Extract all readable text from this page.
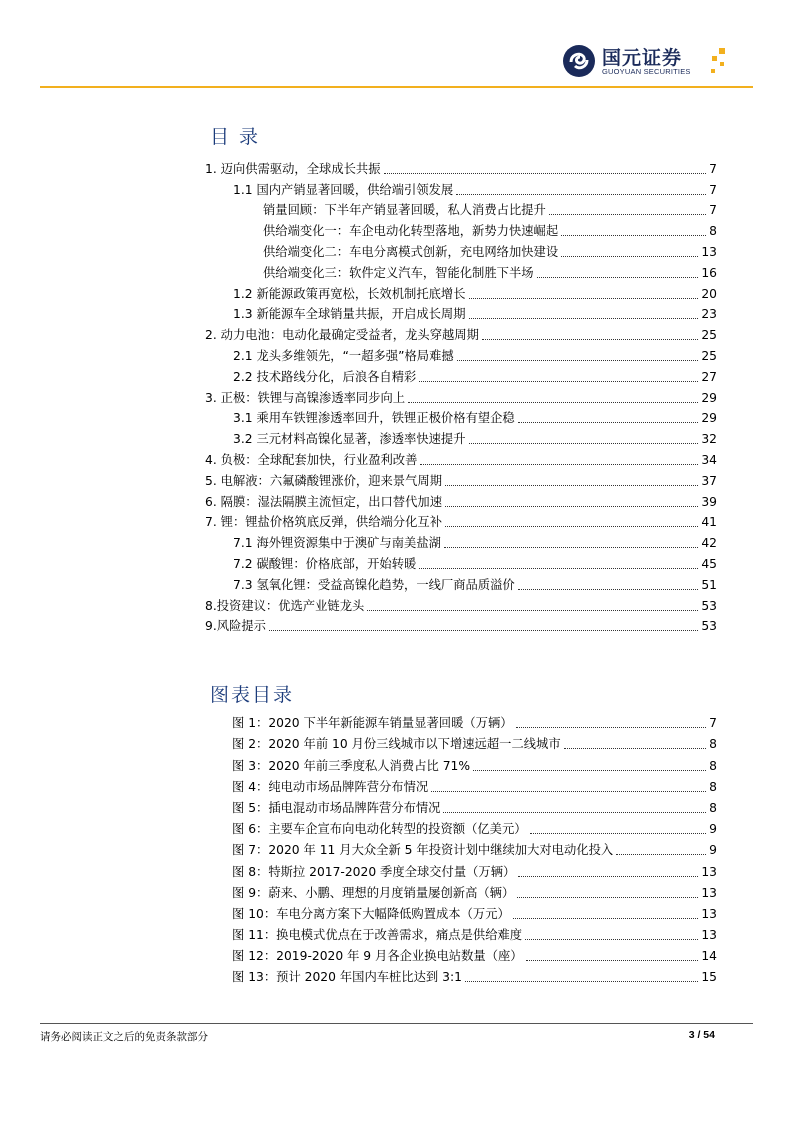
国元证券
GUOYUAN SECURITIES
目 录
1. 迈向供需驱动，全球成长共振	7
1.1 国内产销显著回暖，供给端引领发展	7
销量回顾：下半年产销显著回暖，私人消费占比提升	7
供给端变化一：车企电动化转型落地，新势力快速崛起	8
供给端变化二：车电分离模式创新，充电网络加快建设	13
供给端变化三：软件定义汽车，智能化制胜下半场	16
1.2 新能源政策再宽松，长效机制托底增长	20
1.3 新能源车全球销量共振，开启成长周期	23
2. 动力电池：电动化最确定受益者，龙头穿越周期	25
2.1 龙头多维领先，“一超多强”格局难撼	25
2.2 技术路线分化，后浪各自精彩	27
3. 正极：铁锂与高镍渗透率同步向上	29
3.1 乘用车铁锂渗透率回升，铁锂正极价格有望企稳	29
3.2 三元材料高镍化显著，渗透率快速提升	32
4. 负极：全球配套加快，行业盈利改善	34
5. 电解液：六氟磷酸锂涨价，迎来景气周期	37
6. 隔膜：湿法隔膜主流恒定，出口替代加速	39
7. 锂：锂盐价格筑底反弹，供给端分化互补	41
7.1 海外锂资源集中于澳矿与南美盐湖	42
7.2 碳酸锂：价格底部，开始转暖	45
7.3 氢氧化锂：受益高镍化趋势，一线厂商品质溢价	51
8.投资建议：优选产业链龙头	53
9.风险提示	53
图表目录
图 1：2020 下半年新能源车销量显著回暖（万辆）	7
图 2：2020 年前 10 月份三线城市以下增速远超一二线城市	8
图 3：2020 年前三季度私人消费占比 71%	8
图 4：纯电动市场品牌阵营分布情况	8
图 5：插电混动市场品牌阵营分布情况	8
图 6：主要车企宣布向电动化转型的投资额（亿美元）	9
图 7：2020 年 11 月大众全新 5 年投资计划中继续加大对电动化投入	9
图 8：特斯拉 2017-2020 季度全球交付量（万辆）	13
图 9：蔚来、小鹏、理想的月度销量屡创新高（辆）	13
图 10：车电分离方案下大幅降低购置成本（万元）	13
图 11：换电模式优点在于改善需求，痛点是供给难度	13
图 12：2019-2020 年 9 月各企业换电站数量（座）	14
图 13：预计 2020 年国内车桩比达到 3:1	15
请务必阅读正文之后的免责条款部分	3 / 54
